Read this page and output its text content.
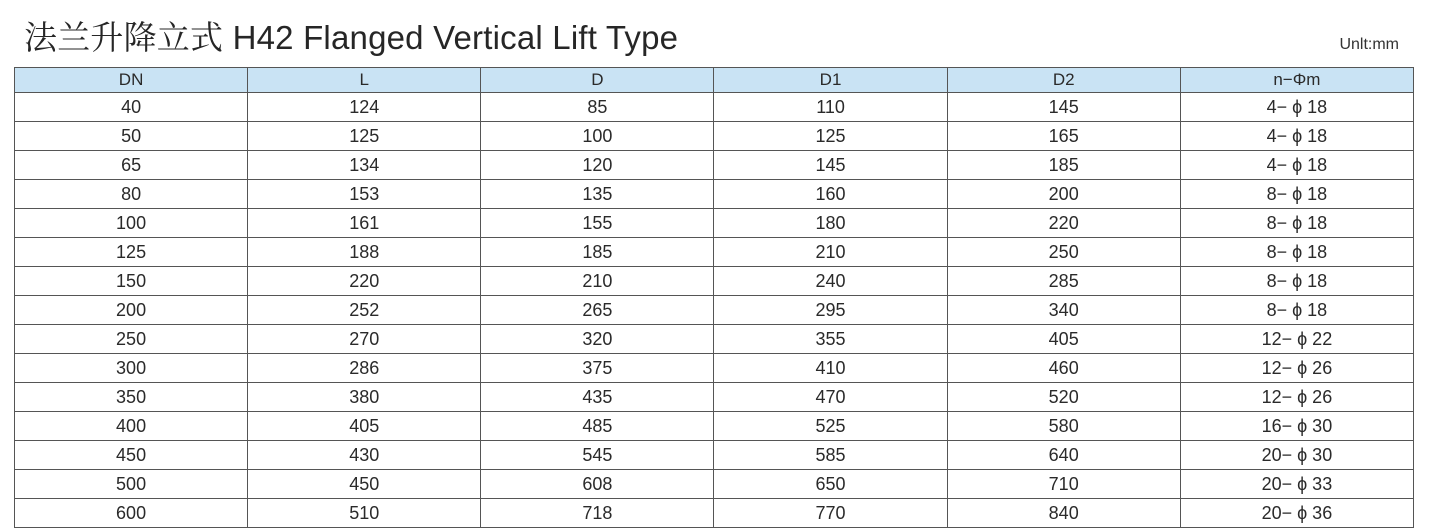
法兰升降立式 H42 Flanged Vertical Lift Type	Unlt:mm
DN	L	D	D1	D2	n−Φm
40	124	85	110	145	4− ϕ 18
50	125	100	125	165	4− ϕ 18
65	134	120	145	185	4− ϕ 18
80	153	135	160	200	8− ϕ 18
100	161	155	180	220	8− ϕ 18
125	188	185	210	250	8− ϕ 18
150	220	210	240	285	8− ϕ 18
200	252	265	295	340	8− ϕ 18
250	270	320	355	405	12− ϕ 22
300	286	375	410	460	12− ϕ 26
350	380	435	470	520	12− ϕ 26
400	405	485	525	580	16− ϕ 30
450	430	545	585	640	20− ϕ 30
500	450	608	650	710	20− ϕ 33
600	510	718	770	840	20− ϕ 36
